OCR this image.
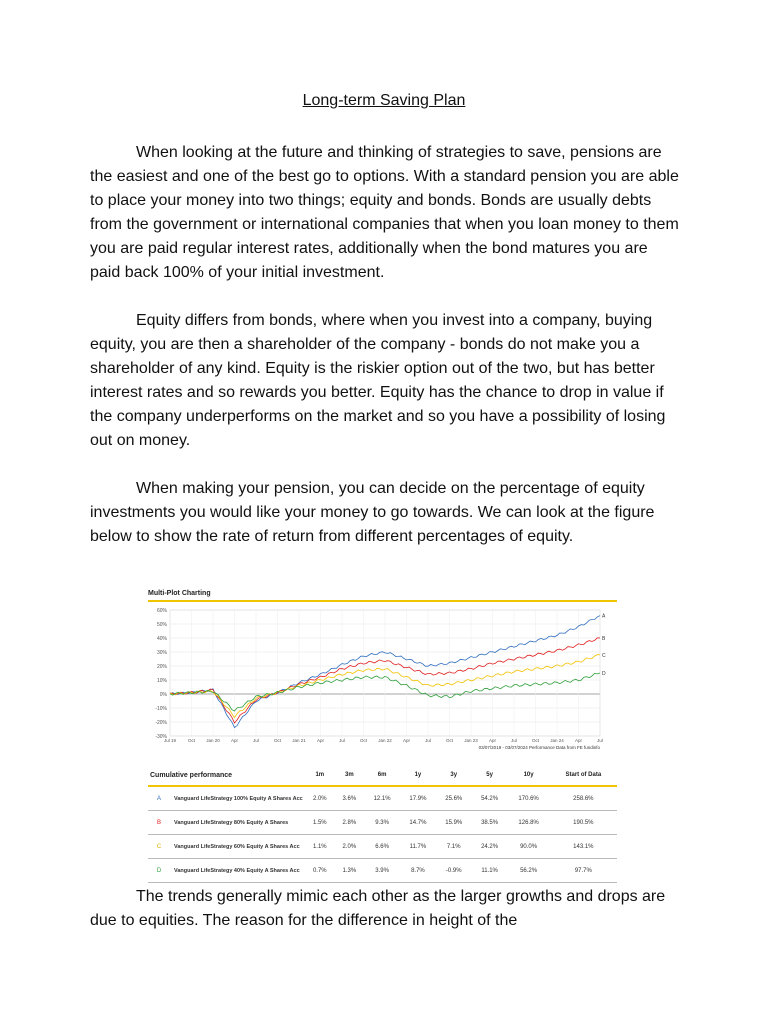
Long-term Saving Plan
When looking at the future and thinking of strategies to save, pensions are the easiest and one of the best go to options. With a standard pension you are able to place your money into two things; equity and bonds. Bonds are usually debts from the government or international companies that when you loan money to them you are paid regular interest rates, additionally when the bond matures you are paid back 100% of your initial investment.
Equity differs from bonds, where when you invest into a company, buying equity, you are then a shareholder of the company - bonds do not make you a shareholder of any kind. Equity is the riskier option out of the two, but has better interest rates and so rewards you better. Equity has the chance to drop in value if the company underperforms on the market and so you have a possibility of losing out on money.
When making your pension, you can decide on the percentage of equity investments you would like your money to go towards. We can look at the figure below to show the rate of return from different percentages of equity.
Multi-Plot Charting
60%
50%
40%
30%
20%
10%
0%
-10%
-20%
-30%
Jul 19	Oct Jan 20 Apr	Jul	Oct Jan 21 Apr	Jul	Oct Jan 22 Apr	Jul	Oct Jan 23 Apr	Jul	Oct Jan 24 Apr	Jul
A
B
C
D
03/07/2019 - 03/07/2024 Performance Data from FE fundinfo
Cumulative performance		1m	3m	6m	1y	3y	5y	10y	Start of Data
A	Vanguard LifeStrategy 100% Equity A Shares Acc	2.0%	3.6%	12.1%	17.9%	25.6%	54.2%	170.6%	258.6%
B	Vanguard LifeStrategy 80% Equity A Shares	1.5%	2.8%	9.3%	14.7%	15.9%	38.5%	126.8%	190.5%
C	Vanguard LifeStrategy 60% Equity A Shares Acc	1.1%	2.0%	6.6%	11.7%	7.1%	24.2%	90.0%	143.1%
D	Vanguard LifeStrategy 40% Equity A Shares Acc	0.7%	1.3%	3.9%	8.7%	-0.9%	11.1%	56.2%	97.7%
The trends generally mimic each other as the larger growths and drops are due to equities. The reason for the difference in height of the
